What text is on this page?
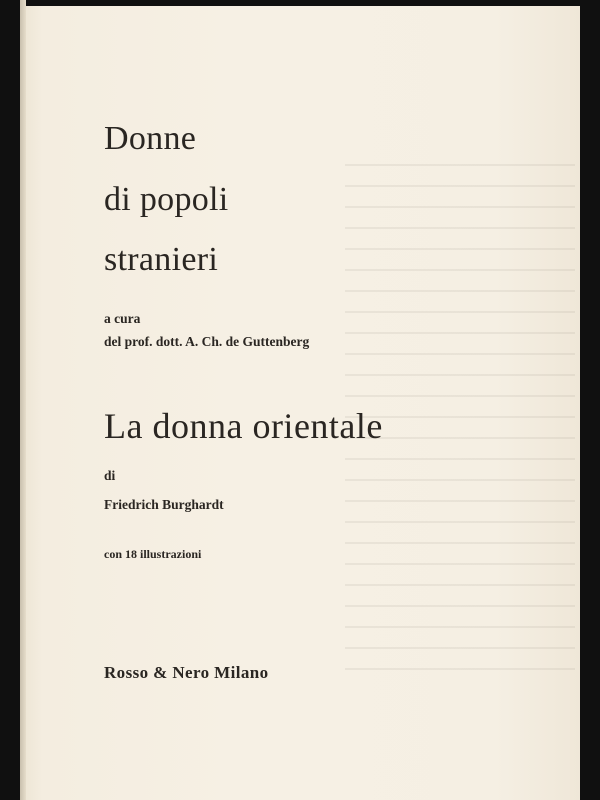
Donne
di popoli
stranieri
a cura
del prof. dott. A. Ch. de Guttenberg
La donna orientale
di
Friedrich Burghardt
con 18 illustrazioni
Rosso & Nero Milano
